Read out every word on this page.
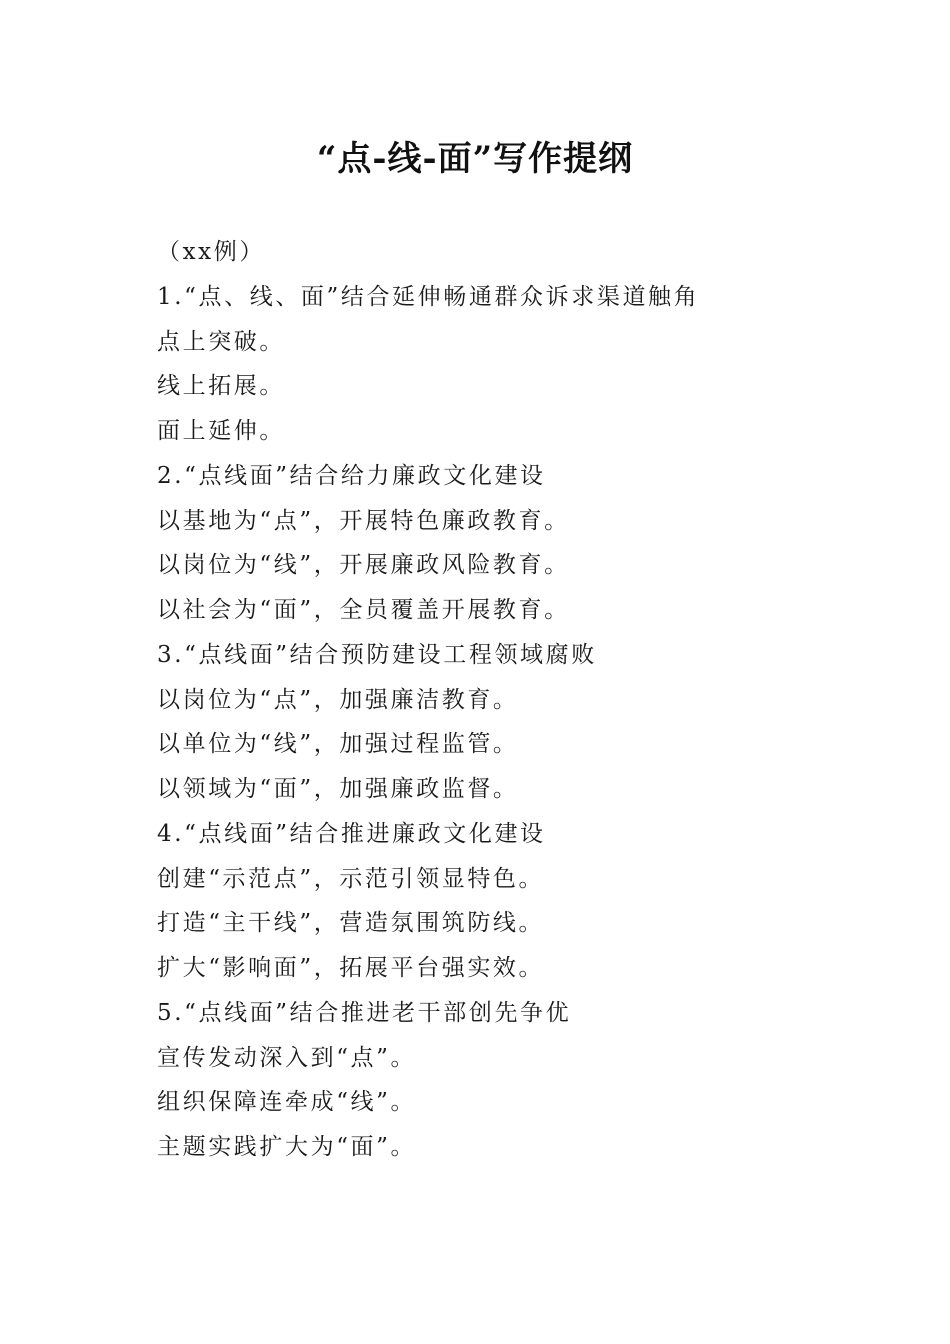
“点-线-面”写作提纲
（xx例）
1.“点、线、面”结合延伸畅通群众诉求渠道触角
点上突破。
线上拓展。
面上延伸。
2.“点线面”结合给力廉政文化建设
以基地为“点”，开展特色廉政教育。
以岗位为“线”，开展廉政风险教育。
以社会为“面”，全员覆盖开展教育。
3.“点线面”结合预防建设工程领域腐败
以岗位为“点”，加强廉洁教育。
以单位为“线”，加强过程监管。
以领域为“面”，加强廉政监督。
4.“点线面”结合推进廉政文化建设
创建“示范点”，示范引领显特色。
打造“主干线”，营造氛围筑防线。
扩大“影响面”，拓展平台强实效。
5.“点线面”结合推进老干部创先争优
宣传发动深入到“点”。
组织保障连牵成“线”。
主题实践扩大为“面”。
